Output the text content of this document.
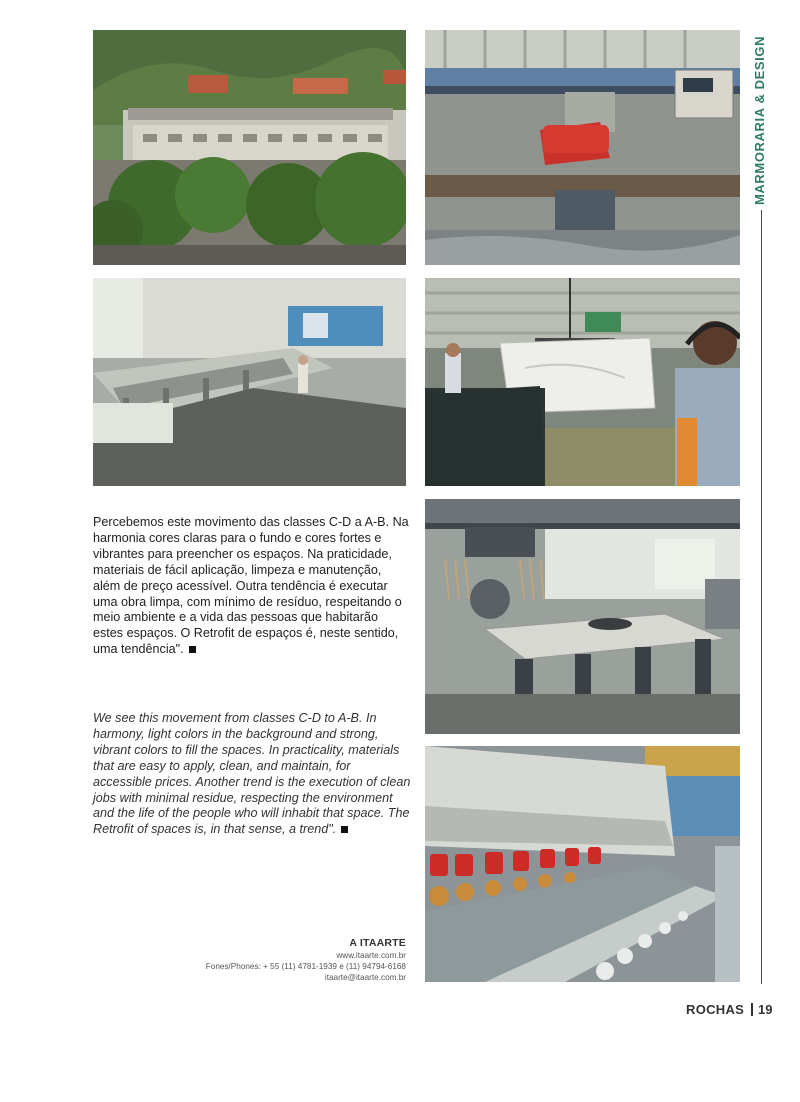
Percebemos este movimento das classes C-D a A-B. Na harmonia cores claras para o fundo e cores fortes e vibrantes para preencher os espaços. Na praticidade, materiais de fácil aplicação, limpeza e manutenção, além de preço acessível. Outra tendência é executar uma obra limpa, com mínimo de resíduo, respeitando o meio ambiente e a vida das pessoas que habitarão estes espaços. O Retrofit de espaços é, neste sentido, uma tendência".
We see this movement from classes C-D to A-B. In harmony, light colors in the background and strong, vibrant colors to fill the spaces. In practicality, materials that are easy to apply, clean, and maintain, for accessible prices. Another trend is the execution of clean jobs with minimal residue, respecting the environment and the life of the people who will inhabit that space. The Retrofit of spaces is, in that sense, a trend".
A ITAARTE
www.itaarte.com.br
Fones/Phones: + 55 (11) 4781-1939 e (11) 94794-6168
itaarte@itaarte.com.br
MARMORARIA & DESIGN
ROCHAS 19
